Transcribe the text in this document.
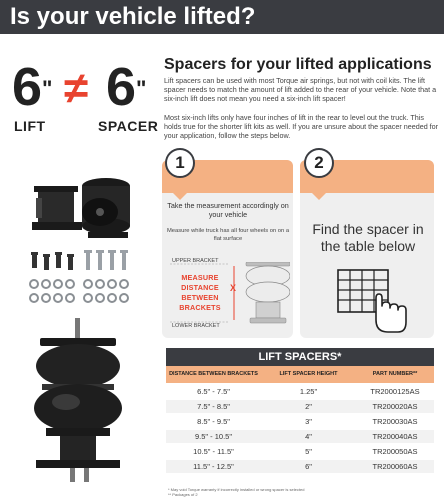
Is your vehicle lifted?
6" ≠ 6"
LIFT	SPACER
Spacers for your lifted applications
Lift spacers can be used with most Torque air springs, but not with coil kits. The lift spacer needs to match the amount of lift added to the rear of your vehicle. Note that a six-inch lift does not mean you need a six-inch lift spacer!
Most six-inch lifts only have four inches of lift in the rear to level out the truck. This holds true for the shorter lift kits as well. If you are unsure about the spacer needed for your application, follow the steps below.
1
Take the measurement accordingly on your vehicle
Measure while truck has all four wheels on on a flat surface
UPPER BRACKET
LOWER BRACKET
MEASURE
DISTANCE
BETWEEN
BRACKETS
X
2
Find the spacer in the table below
LIFT SPACERS*
DISTANCE BETWEEN BRACKETS	LIFT SPACER HEIGHT	PART NUMBER**
6.5" - 7.5"	1.25"	TR2000125AS
7.5" - 8.5"	2"	TR200020AS
8.5" - 9.5"	3"	TR200030AS
9.5" - 10.5"	4"	TR200040AS
10.5" - 11.5"	5"	TR200050AS
11.5" - 12.5"	6"	TR200060AS
* May void Torque warranty if incorrectly installed or wrong spacer is selected
** Packages of 2
